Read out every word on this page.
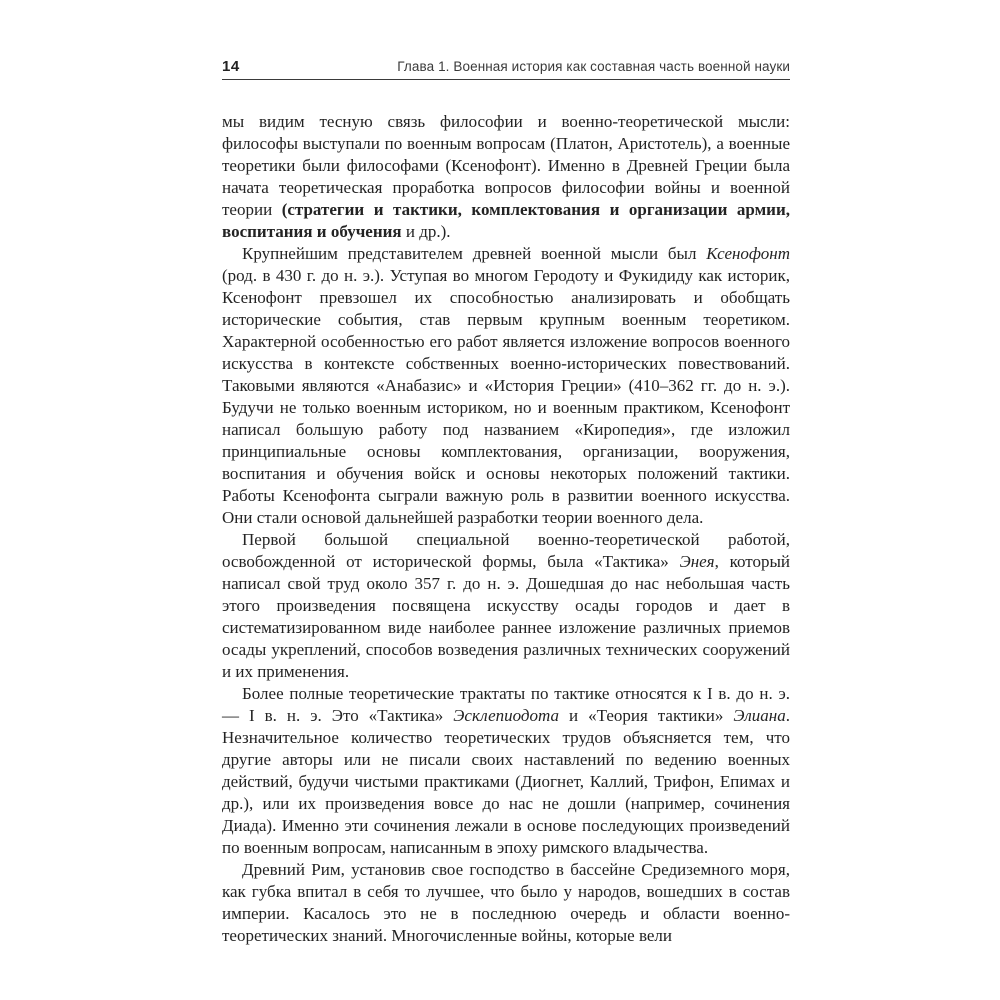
14	Глава 1. Военная история как составная часть военной науки

мы видим тесную связь философии и военно-теоретической мысли: философы выступали по военным вопросам (Платон, Аристотель), а военные теоретики были философами (Ксенофонт). Именно в Древней Греции была начата теоретическая проработка вопросов философии войны и военной теории (стратегии и тактики, комплектования и организации армии, воспитания и обучения и др.).

Крупнейшим представителем древней военной мысли был Ксенофонт (род. в 430 г. до н. э.). Уступая во многом Геродоту и Фукидиду как историк, Ксенофонт превзошел их способностью анализировать и обобщать исторические события, став первым крупным военным теоретиком. Характерной особенностью его работ является изложение вопросов военного искусства в контексте собственных военно-исторических повествований. Таковыми являются «Анабазис» и «История Греции» (410–362 гг. до н. э.). Будучи не только военным историком, но и военным практиком, Ксенофонт написал большую работу под названием «Киропедия», где изложил принципиальные основы комплектования, организации, вооружения, воспитания и обучения войск и основы некоторых положений тактики. Работы Ксенофонта сыграли важную роль в развитии военного искусства. Они стали основой дальнейшей разработки теории военного дела.

Первой большой специальной военно-теоретической работой, освобожденной от исторической формы, была «Тактика» Энея, который написал свой труд около 357 г. до н. э. Дошедшая до нас небольшая часть этого произведения посвящена искусству осады городов и дает в систематизированном виде наиболее раннее изложение различных приемов осады укреплений, способов возведения различных технических сооружений и их применения.

Более полные теоретические трактаты по тактике относятся к I в. до н. э. — I в. н. э. Это «Тактика» Эсклепиодота и «Теория тактики» Элиана. Незначительное количество теоретических трудов объясняется тем, что другие авторы или не писали своих наставлений по ведению военных действий, будучи чистыми практиками (Диогнет, Каллий, Трифон, Епимах и др.), или их произведения вовсе до нас не дошли (например, сочинения Диада). Именно эти сочинения лежали в основе последующих произведений по военным вопросам, написанным в эпоху римского владычества.

Древний Рим, установив свое господство в бассейне Средиземного моря, как губка впитал в себя то лучшее, что было у народов, вошедших в состав империи. Касалось это не в последнюю очередь и области военно-теоретических знаний. Многочисленные войны, которые вели
